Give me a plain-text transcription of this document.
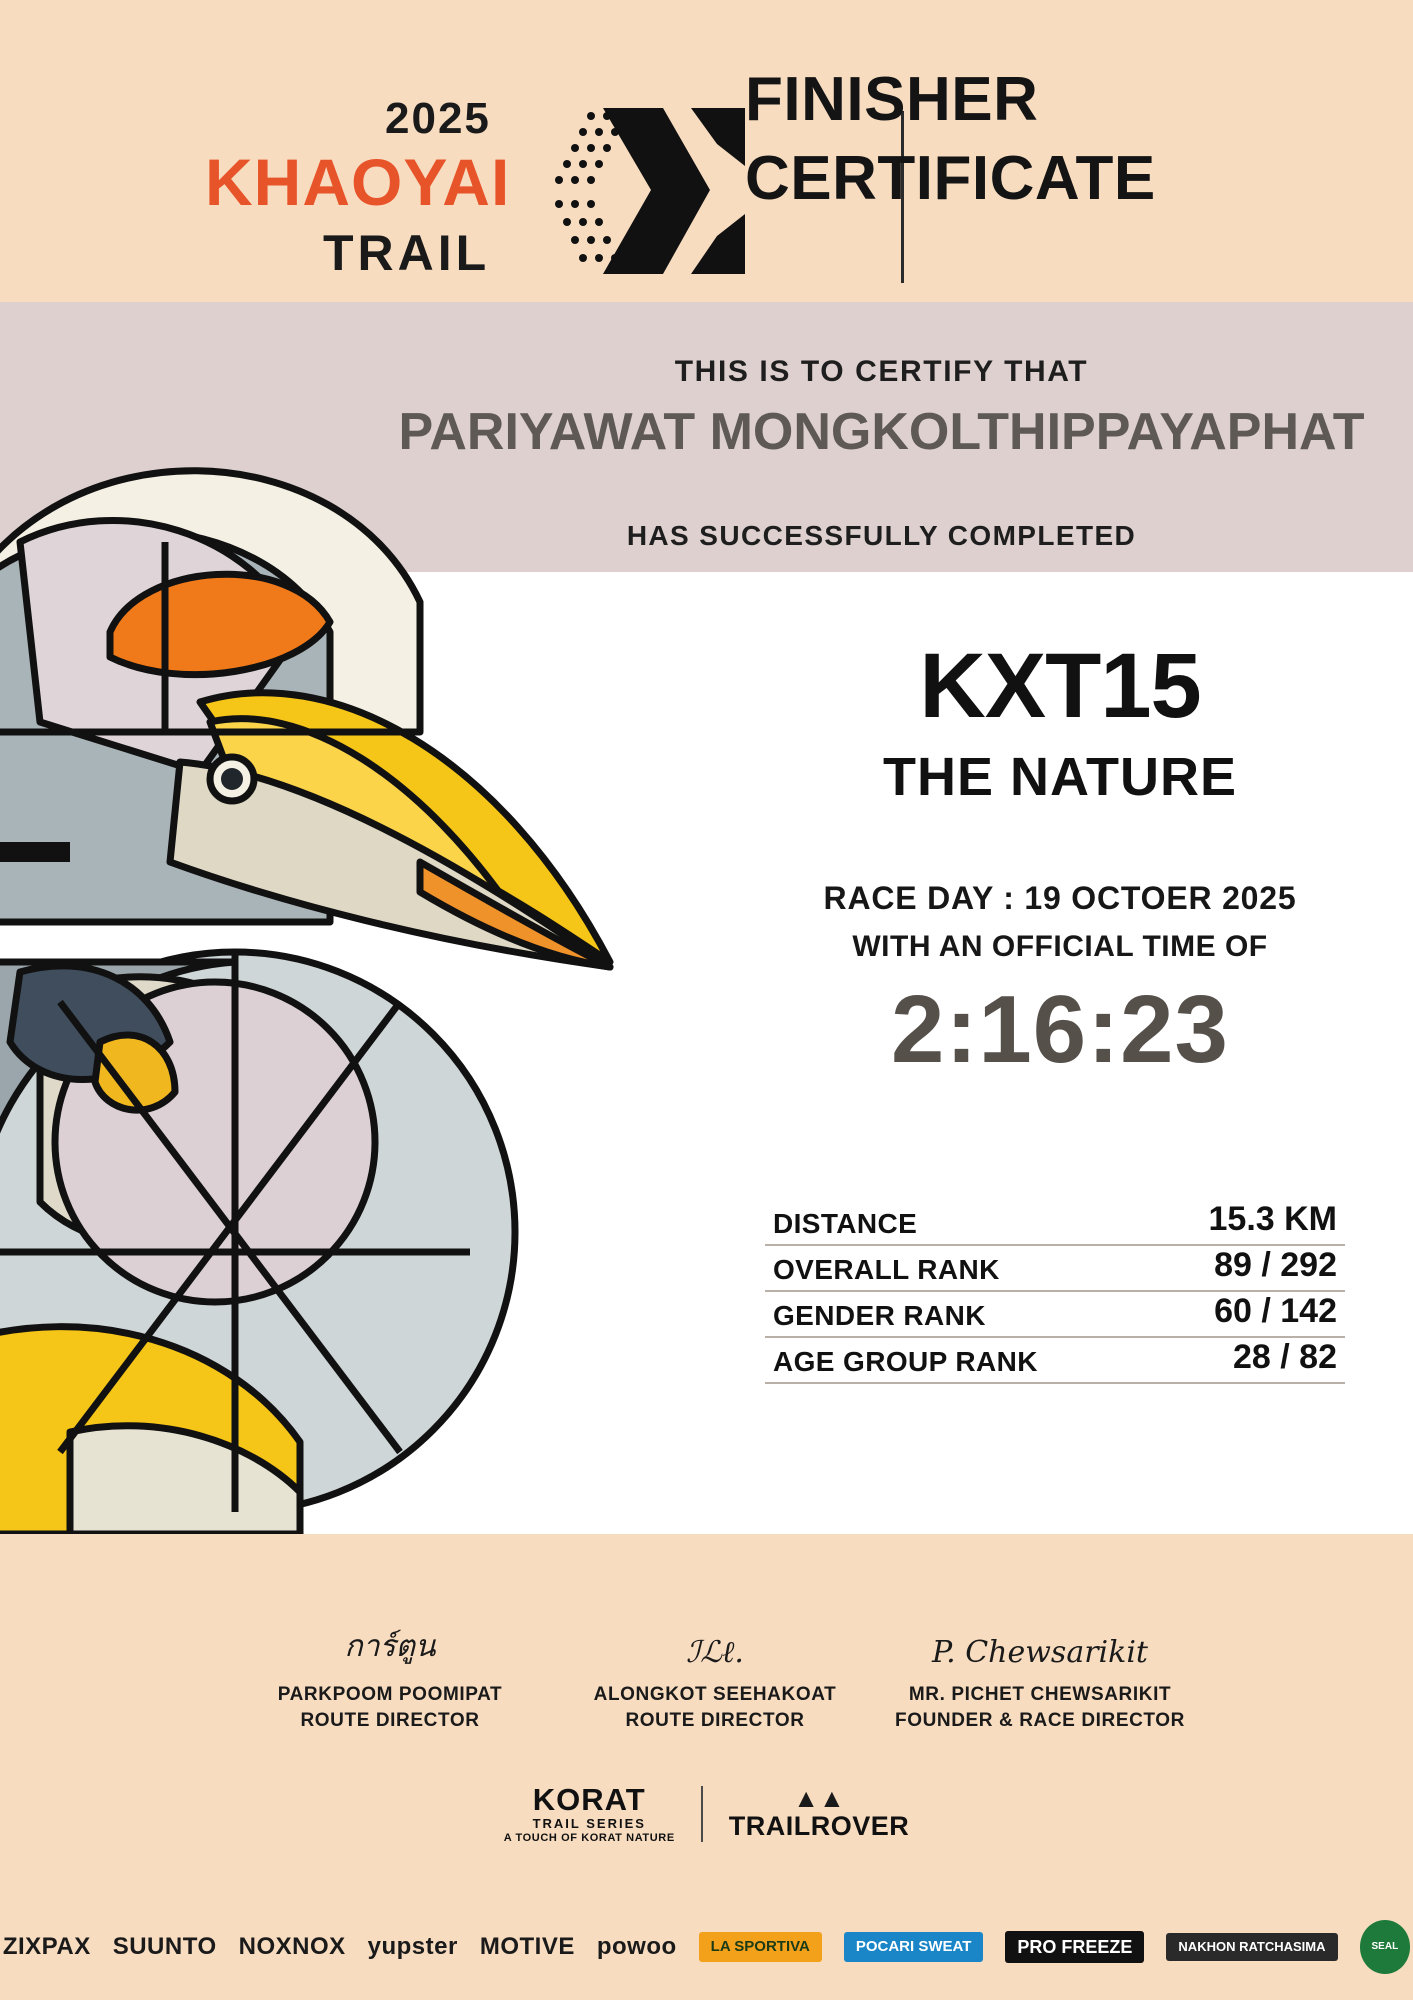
2025
KHAOYAI
TRAIL
FINISHER
CERTIFICATE
THIS IS TO CERTIFY THAT
PARIYAWAT MONGKOLTHIPPAYAPHAT
HAS SUCCESSFULLY COMPLETED
KXT15
THE NATURE
RACE DAY : 19 OCTOER 2025
WITH AN OFFICIAL TIME OF
2:16:23
DISTANCE	15.3 KM
OVERALL RANK	89 / 292
GENDER RANK	60 / 142
AGE GROUP RANK	28 / 82
การ์ตูน
PARKPOOM POOMIPAT
ROUTE DIRECTOR
ℐℒℓ.
ALONGKOT SEEHAKOAT
ROUTE DIRECTOR
P. Chewsarikit
MR. PICHET CHEWSARIKIT
FOUNDER & RACE DIRECTOR
KORAT
TRAIL SERIES
A TOUCH OF KORAT NATURE
▲▲
TRAILROVER
ZIXPAX SUUNTO NOXNOX yupster MOTIVE powoo	LA SPORTIVA	POCARI SWEAT	PRO FREEZE	NAKHON RATCHASIMA	SEAL
